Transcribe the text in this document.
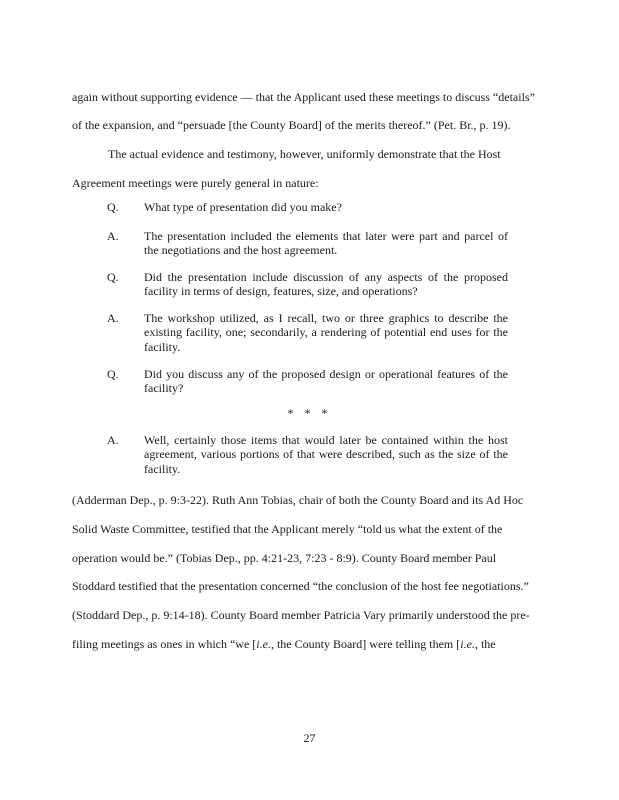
again without supporting evidence — that the Applicant used these meetings to discuss “details”

of the expansion, and “persuade [the County Board] of the merits thereof.” (Pet. Br., p. 19).

The actual evidence and testimony, however, uniformly demonstrate that the Host

Agreement meetings were purely general in nature:

Q.	What type of presentation did you make?
A.	The presentation included the elements that later were part and parcel of the negotiations and the host agreement.
Q.	Did the presentation include discussion of any aspects of the proposed facility in terms of design, features, size, and operations?
A.	The workshop utilized, as I recall, two or three graphics to describe the existing facility, one; secondarily, a rendering of potential end uses for the facility.
Q.	Did you discuss any of the proposed design or operational features of the facility?
* * *
A.	Well, certainly those items that would later be contained within the host agreement, various portions of that were described, such as the size of the facility.

(Adderman Dep., p. 9:3-22). Ruth Ann Tobias, chair of both the County Board and its Ad Hoc

Solid Waste Committee, testified that the Applicant merely “told us what the extent of the

operation would be.” (Tobias Dep., pp. 4:21-23, 7:23 - 8:9). County Board member Paul

Stoddard testified that the presentation concerned “the conclusion of the host fee negotiations.”

(Stoddard Dep., p. 9:14-18). County Board member Patricia Vary primarily understood the pre-

filing meetings as ones in which “we [i.e., the County Board] were telling them [i.e., the

27
